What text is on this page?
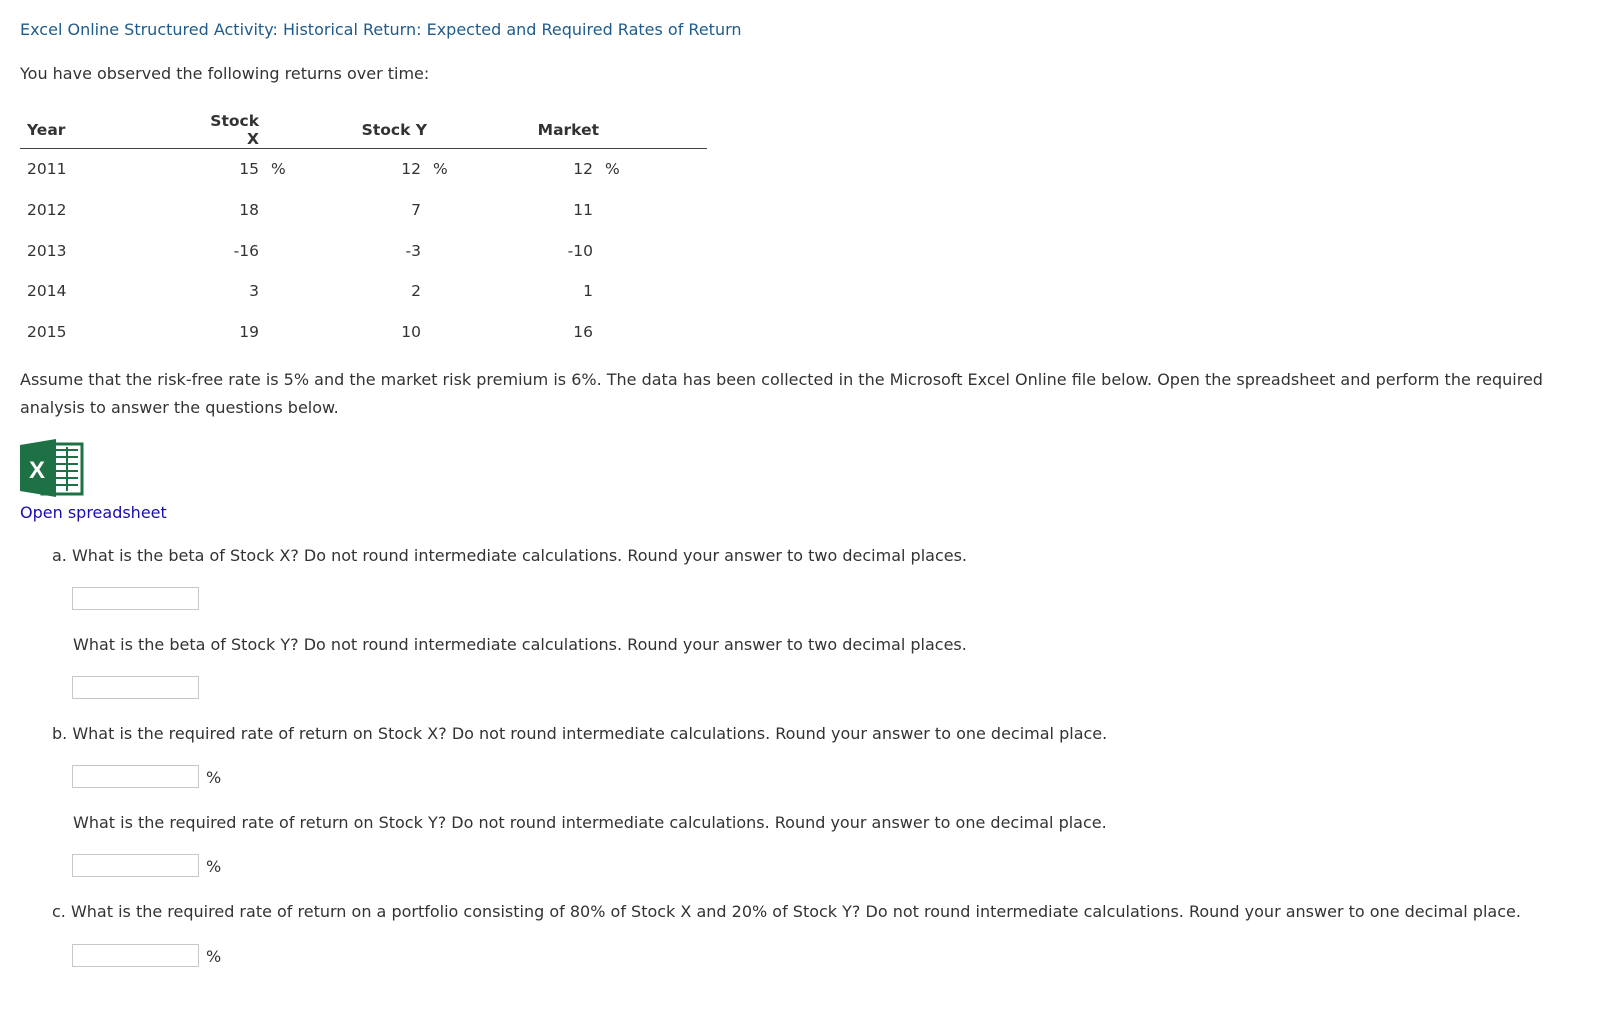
Excel Online Structured Activity: Historical Return: Expected and Required Rates of Return
You have observed the following returns over time:
Year	Stock X	Stock Y	Market
2011	15 %	12 %	12 %
2012	18	7	11
2013	-16	-3	-10
2014	3	2	1
2015	19	10	16
Assume that the risk-free rate is 5% and the market risk premium is 6%. The data has been collected in the Microsoft Excel Online file below. Open the spreadsheet and perform the required analysis to answer the questions below.
X
Open spreadsheet
a. What is the beta of Stock X? Do not round intermediate calculations. Round your answer to two decimal places.
What is the beta of Stock Y? Do not round intermediate calculations. Round your answer to two decimal places.
b. What is the required rate of return on Stock X? Do not round intermediate calculations. Round your answer to one decimal place.
%
What is the required rate of return on Stock Y? Do not round intermediate calculations. Round your answer to one decimal place.
%
c. What is the required rate of return on a portfolio consisting of 80% of Stock X and 20% of Stock Y? Do not round intermediate calculations. Round your answer to one decimal place.
%
